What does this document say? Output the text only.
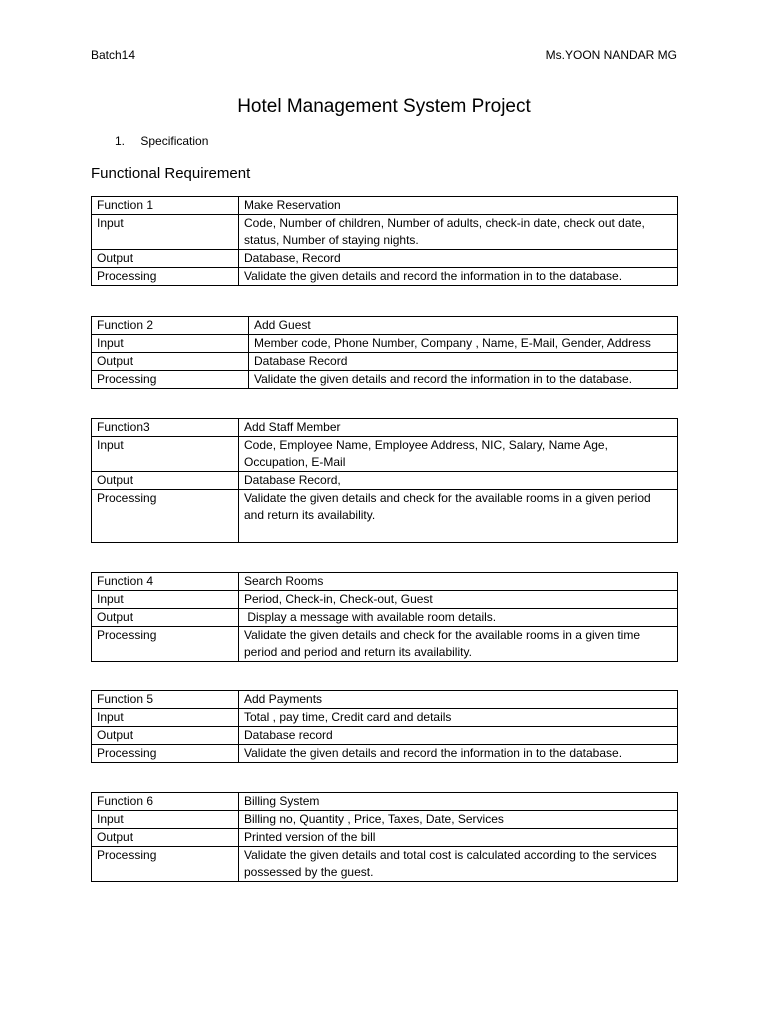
Batch14	Ms.YOON NANDAR MG
Hotel Management System Project
1. Specification
Functional Requirement
Function 1	Make Reservation
Input	Code, Number of children, Number of adults, check-in date, check out date, status, Number of staying nights.
Output	Database, Record
Processing	Validate the given details and record the information in to the database.
Function 2	Add Guest
Input	Member code, Phone Number, Company , Name, E-Mail, Gender, Address
Output	Database Record
Processing	Validate the given details and record the information in to the database.
Function3	Add Staff Member
Input	Code, Employee Name, Employee Address, NIC, Salary, Name Age, Occupation, E-Mail
Output	Database Record,
Processing	Validate the given details and check for the available rooms in a given period and return its availability.
Function 4	Search Rooms
Input	Period, Check-in, Check-out, Guest
Output	Display a message with available room details.
Processing	Validate the given details and check for the available rooms in a given time period and period and return its availability.
Function 5	Add Payments
Input	Total , pay time, Credit card and details
Output	Database record
Processing	Validate the given details and record the information in to the database.
Function 6	Billing System
Input	Billing no, Quantity , Price, Taxes, Date, Services
Output	Printed version of the bill
Processing	Validate the given details and total cost is calculated according to the services possessed by the guest.
